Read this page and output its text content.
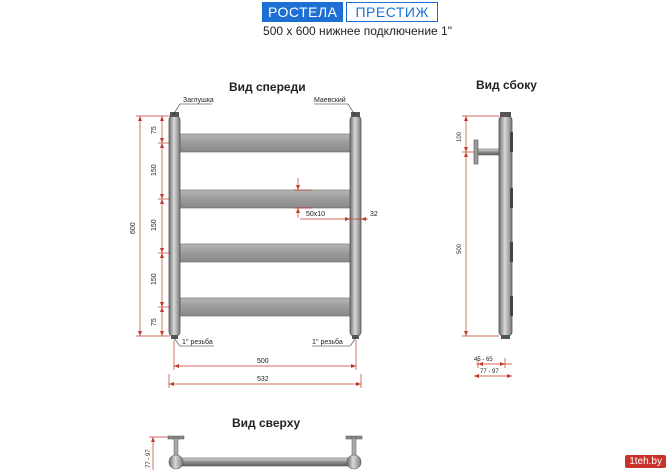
РОСТЕЛА	ПРЕСТИЖ
500 x 600 нижнее подключение 1"
Вид спереди	Вид сбоку
Вид сверху
Заглушка	Маевский
1'' резьба	1'' резьба
50x10	32
75
150
150
150
75
600
500
532
100
500
45 - 65
77 - 97
77 - 97	1teh.by
